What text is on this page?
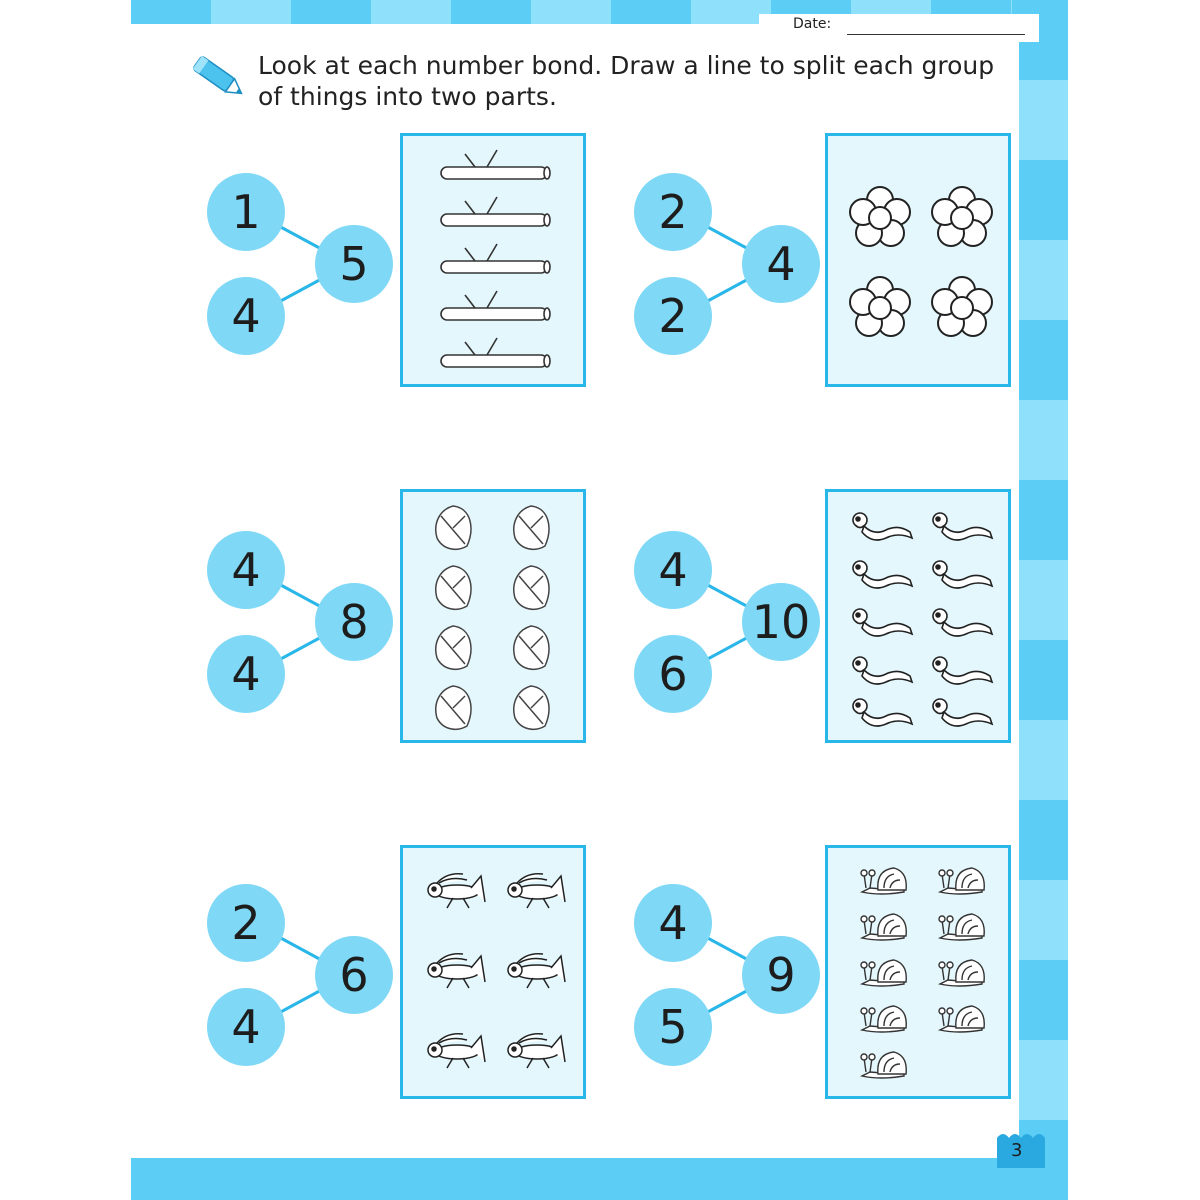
Date:
Look at each number bond. Draw a line to split each group of things into two parts.
1
4
5
2
2
4
4
4
8
4
6
10
2
4
6
4
5
9
3
